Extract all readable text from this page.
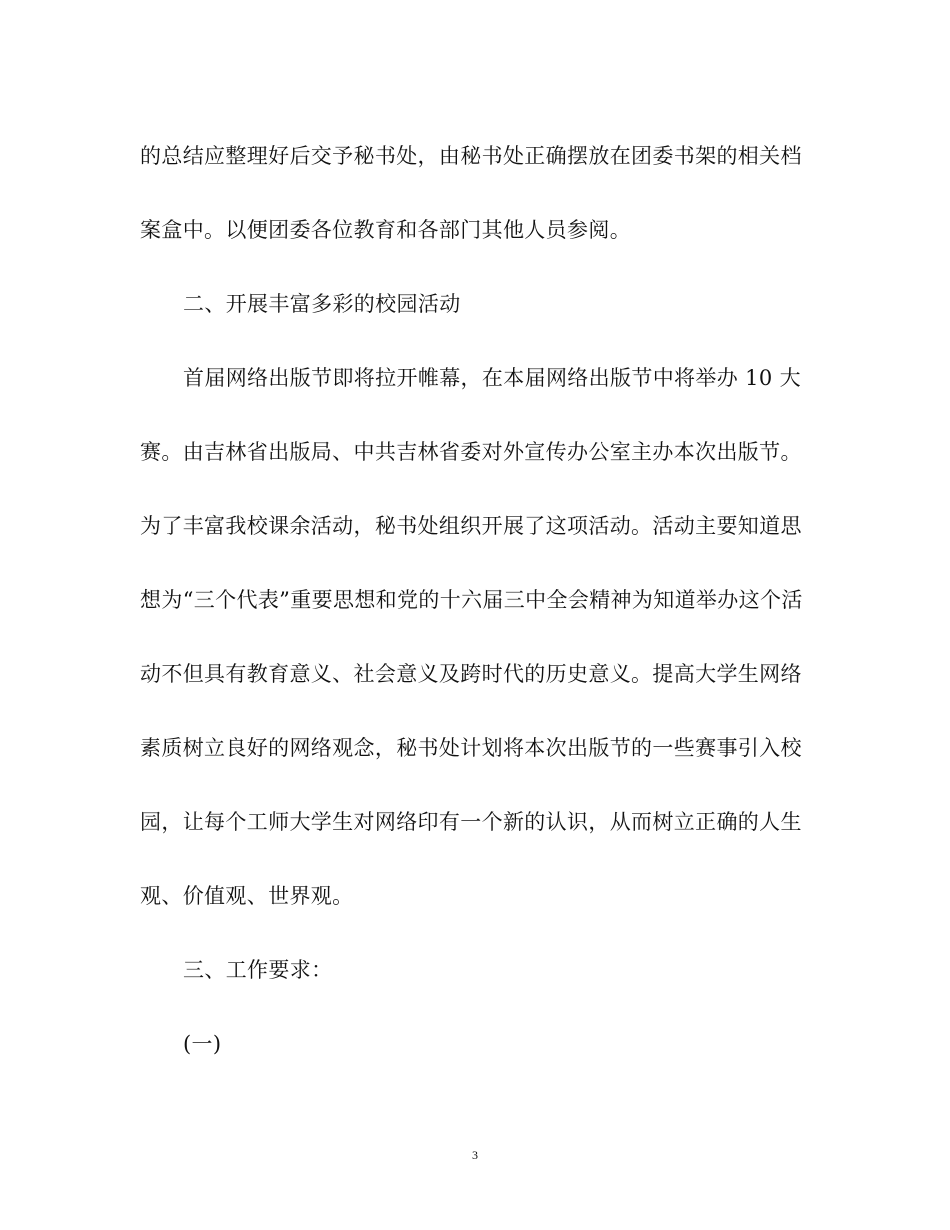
的总结应整理好后交予秘书处，由秘书处正确摆放在团委书架的相关档
案盒中。以便团委各位教育和各部门其他人员参阅。
二、开展丰富多彩的校园活动
首届网络出版节即将拉开帷幕，在本届网络出版节中将举办 10 大
赛。由吉林省出版局、中共吉林省委对外宣传办公室主办本次出版节。
为了丰富我校课余活动，秘书处组织开展了这项活动。活动主要知道思
想为“三个代表”重要思想和党的十六届三中全会精神为知道举办这个活
动不但具有教育意义、社会意义及跨时代的历史意义。提高大学生网络
素质树立良好的网络观念，秘书处计划将本次出版节的一些赛事引入校
园，让每个工师大学生对网络印有一个新的认识，从而树立正确的人生
观、价值观、世界观。
三、工作要求：
(一)
3
